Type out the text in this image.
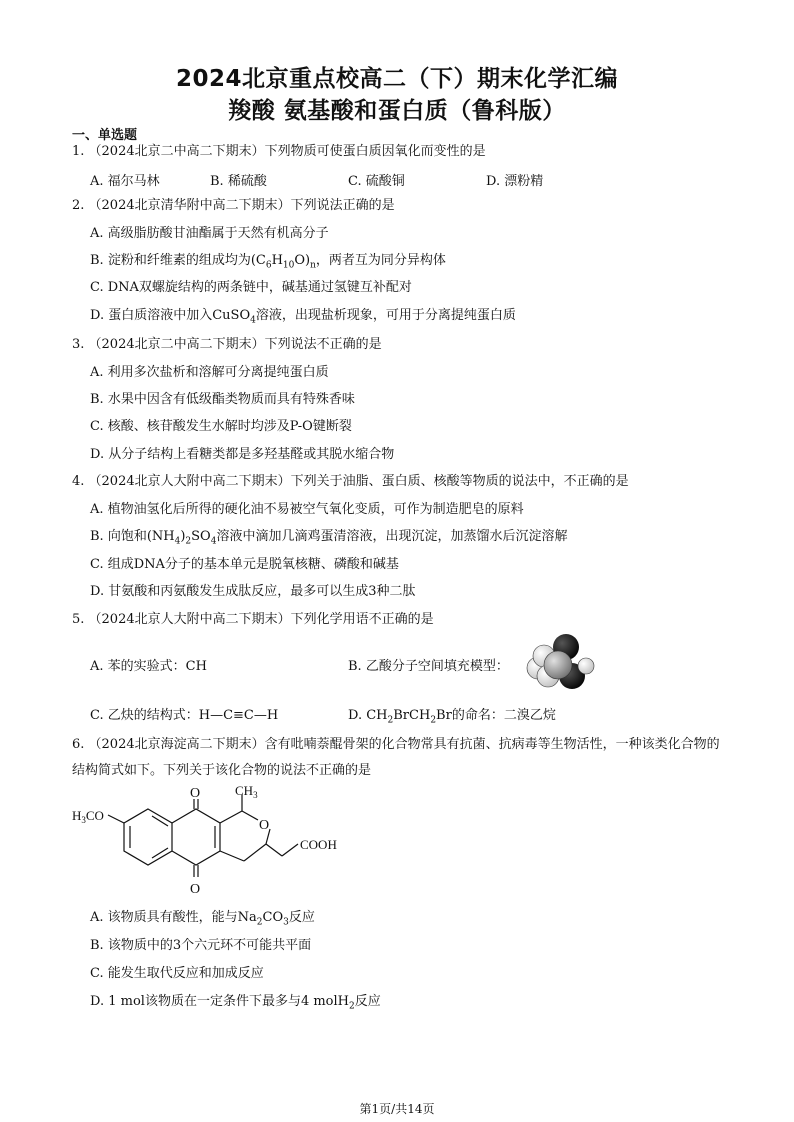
2024北京重点校高二（下）期末化学汇编
羧酸 氨基酸和蛋白质（鲁科版）
一、单选题
1. （2024北京二中高二下期末）下列物质可使蛋白质因氧化而变性的是
A. 福尔马林	B. 稀硫酸	C. 硫酸铜	D. 漂粉精
2. （2024北京清华附中高二下期末）下列说法正确的是
A. 高级脂肪酸甘油酯属于天然有机高分子
B. 淀粉和纤维素的组成均为$(C_6H_{10}O)_n$，两者互为同分异构体
C. DNA双螺旋结构的两条链中，碱基通过氢键互补配对
D. 蛋白质溶液中加入CuSO$_4$溶液，出现盐析现象，可用于分离提纯蛋白质
3. （2024北京二中高二下期末）下列说法不正确的是
A. 利用多次盐析和溶解可分离提纯蛋白质
B. 水果中因含有低级酯类物质而具有特殊香味
C. 核酸、核苷酸发生水解时均涉及P-O键断裂
D. 从分子结构上看糖类都是多羟基醛或其脱水缩合物
4. （2024北京人大附中高二下期末）下列关于油脂、蛋白质、核酸等物质的说法中，不正确的是
A. 植物油氢化后所得的硬化油不易被空气氧化变质，可作为制造肥皂的原料
B. 向饱和$(NH_4)_2SO_4$溶液中滴加几滴鸡蛋清溶液，出现沉淀，加蒸馏水后沉淀溶解
C. 组成DNA分子的基本单元是脱氧核糖、磷酸和碱基
D. 甘氨酸和丙氨酸发生成肽反应，最多可以生成3种二肽
5. （2024北京人大附中高二下期末）下列化学用语不正确的是
A. 苯的实验式：CH	B. 乙酸分子空间填充模型：
C. 乙炔的结构式：H—C≡C—H	D. $CH_2BrCH_2Br$的命名：二溴乙烷
6. （2024北京海淀高二下期末）含有吡喃萘醌骨架的化合物常具有抗菌、抗病毒等生物活性，一种该类化合物的结构简式如下。下列关于该化合物的说法不正确的是
O
O
O
$CH_3$
$H_3CO$
COOH
A. 该物质具有酸性，能与$Na_2CO_3$反应
B. 该物质中的3个六元环不可能共平面
C. 能发生取代反应和加成反应
D. 1 mol该物质在一定条件下最多与4 molH$_2$反应
第1页/共14页
